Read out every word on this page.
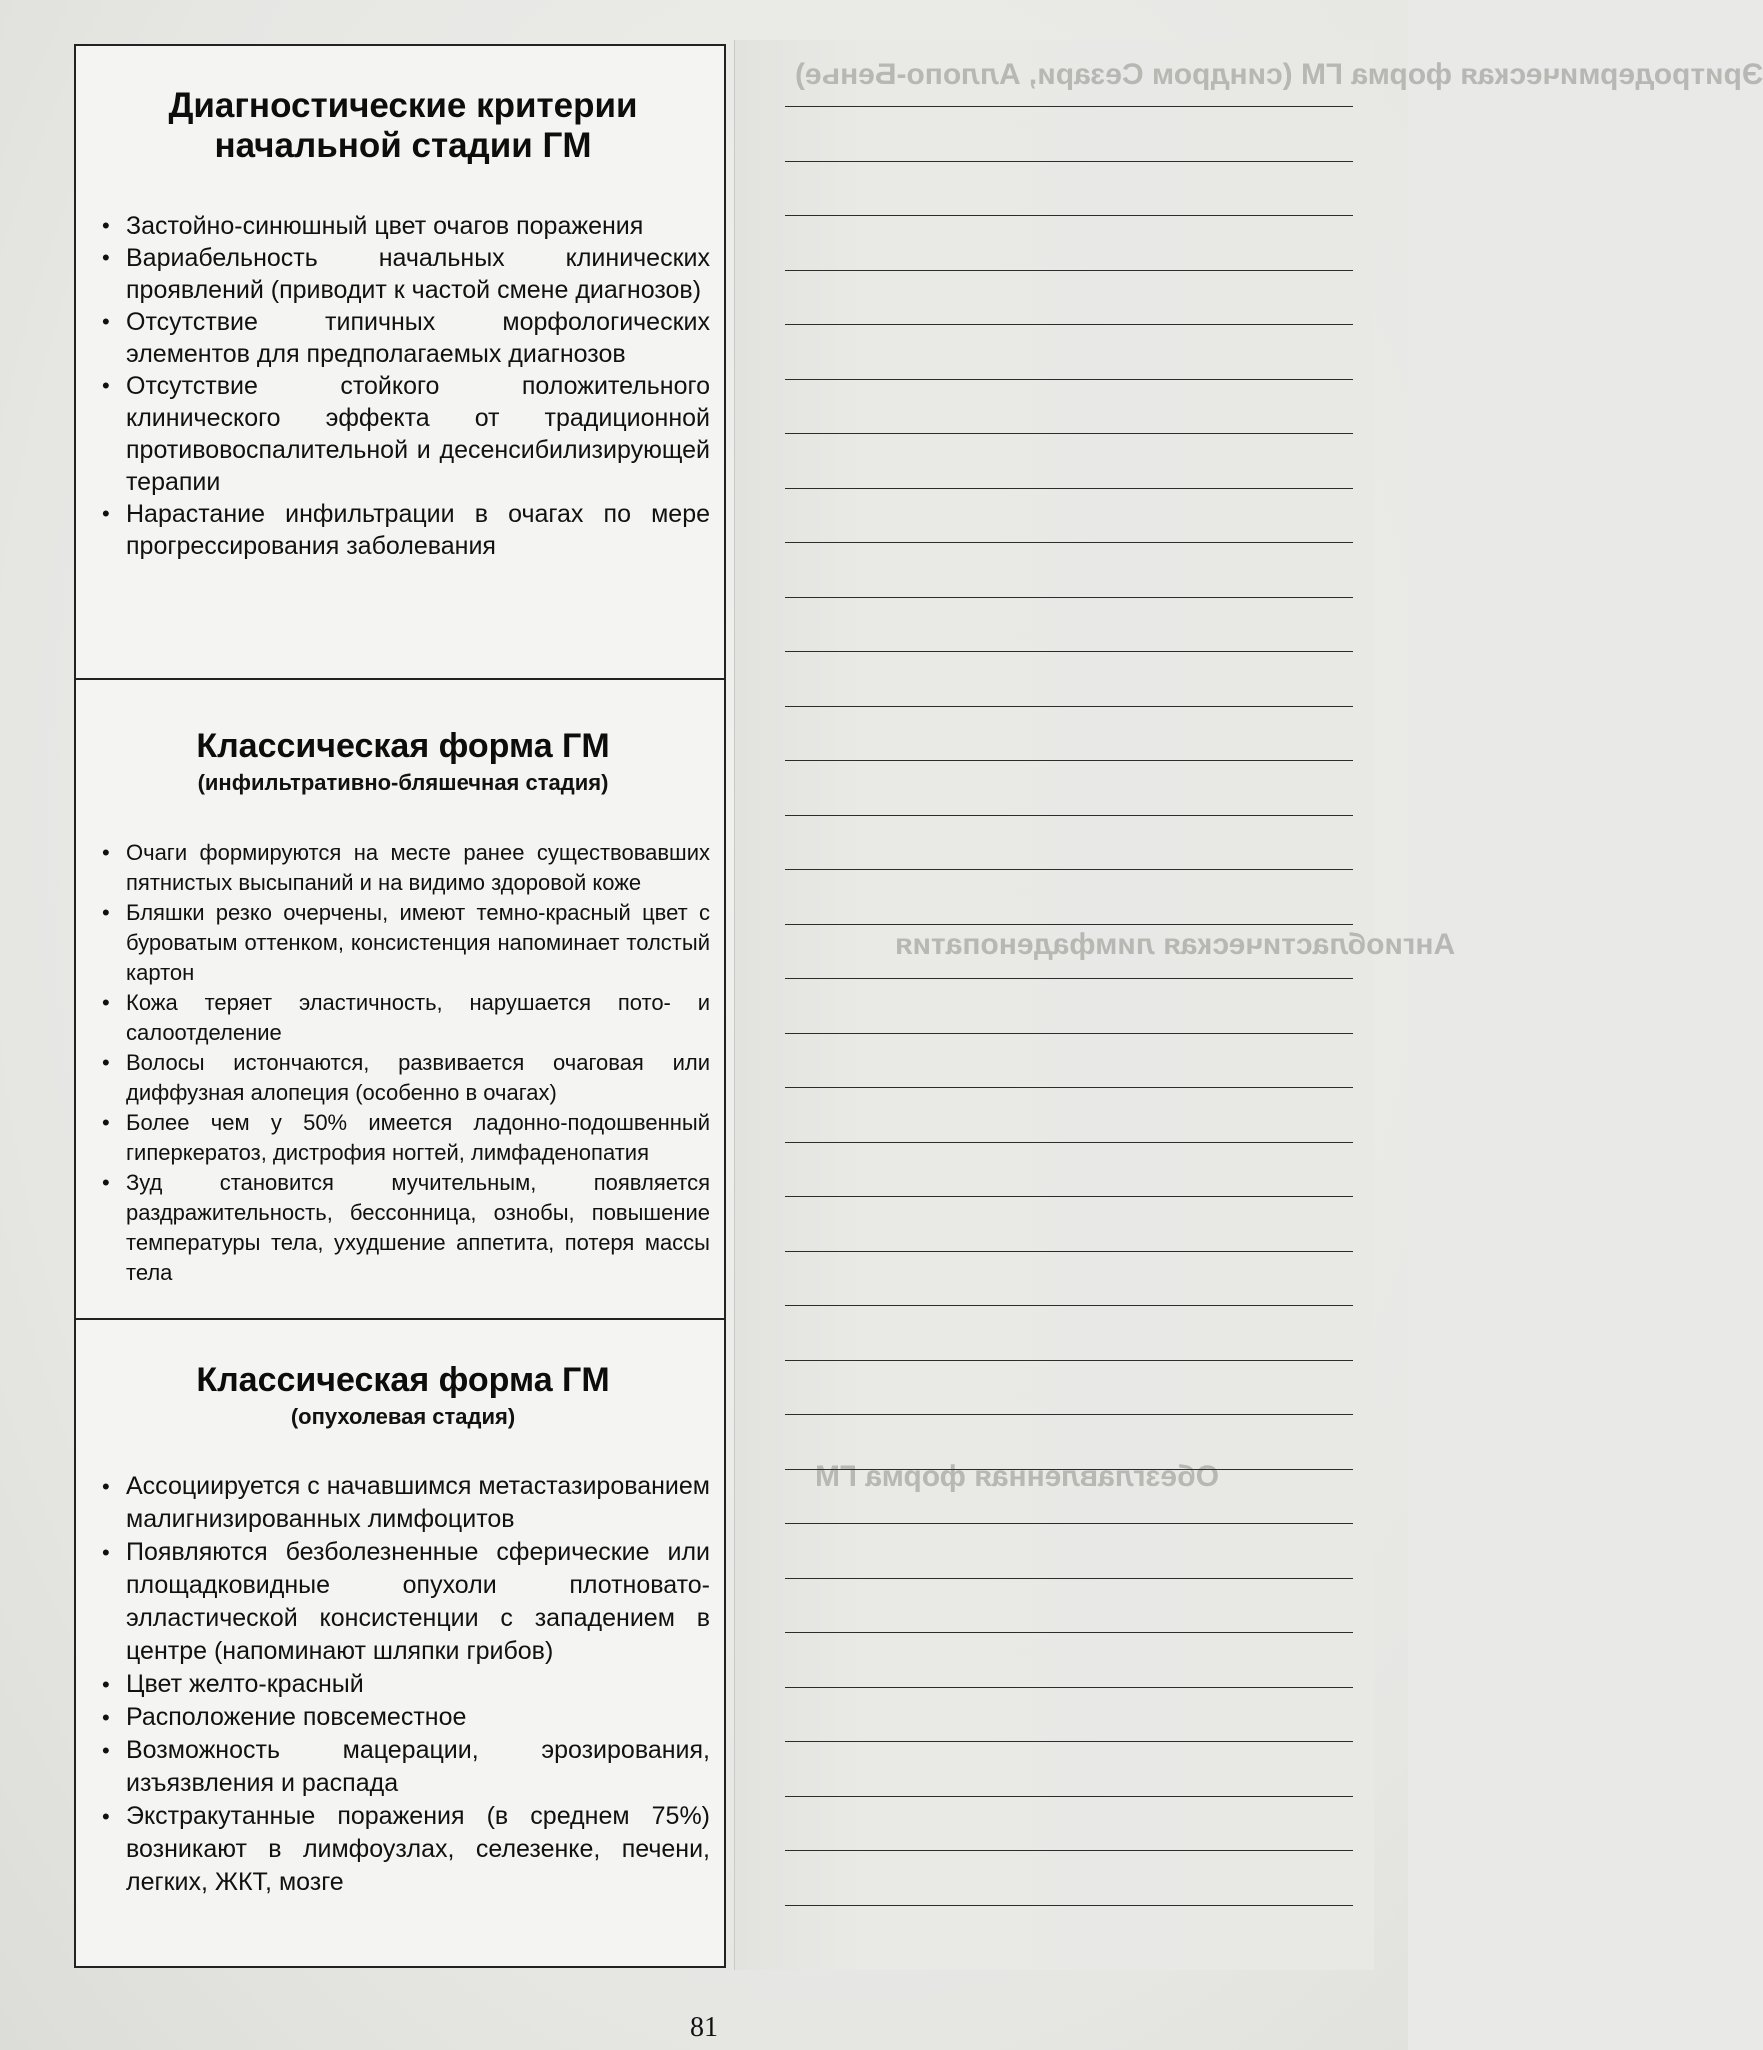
Диагностические критерии начальной стадии ГМ
• Застойно-синюшный цвет очагов поражения
• Вариабельность начальных клинических проявлений (приводит к частой смене диагнозов)
• Отсутствие типичных морфологических элементов для предполагаемых диагнозов
• Отсутствие стойкого положительного клинического эффекта от традиционной противовоспалительной и десенсибилизирующей терапии
• Нарастание инфильтрации в очагах по мере прогрессирования заболевания
Классическая форма ГМ
(инфильтративно-бляшечная стадия)
• Очаги формируются на месте ранее существовавших пятнистых высыпаний и на видимо здоровой коже
• Бляшки резко очерчены, имеют темно-красный цвет с буроватым оттенком, консистенция напоминает толстый картон
• Кожа теряет эластичность, нарушается пото- и салоотделение
• Волосы истончаются, развивается очаговая или диффузная алопеция (особенно в очагах)
• Более чем у 50% имеется ладонно-подошвенный гиперкератоз, дистрофия ногтей, лимфаденопатия
• Зуд становится мучительным, появляется раздражительность, бессонница, ознобы, повышение температуры тела, ухудшение аппетита, потеря массы тела
Классическая форма ГМ
(опухолевая стадия)
• Ассоциируется с начавшимся метастазированием малигнизированных лимфоцитов
• Появляются безболезненные сферические или площадковидные опухоли плотновато-элластической консистенции с западением в центре (напоминают шляпки грибов)
• Цвет желто-красный
• Расположение повсеместное
• Возможность мацерации, эрозирования, изъязвления и распада
• Экстракутанные поражения (в среднем 75%) возникают в лимфоузлах, селезенке, печени, легких, ЖКТ, мозге
Эритродермическая форма ГМ (синдром Сезари, Аллопо-Бенье)
Ангиобластическая лимфаденопатия
Обезглавленная форма ГМ
81
